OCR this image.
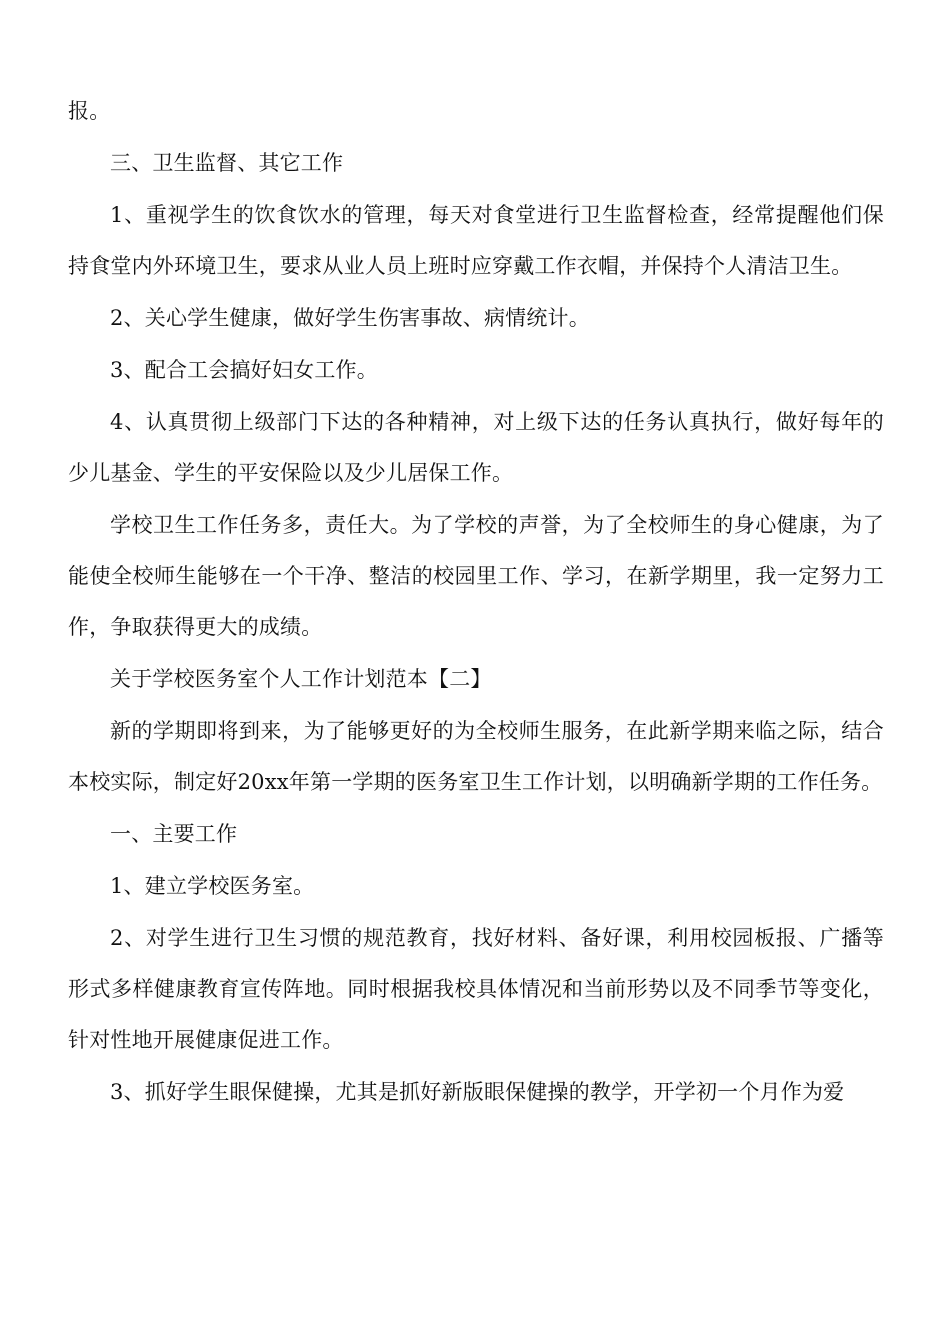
报。

三、卫生监督、其它工作

1、重视学生的饮食饮水的管理，每天对食堂进行卫生监督检查，经常提醒他们保持食堂内外环境卫生，要求从业人员上班时应穿戴工作衣帽，并保持个人清洁卫生。

2、关心学生健康，做好学生伤害事故、病情统计。

3、配合工会搞好妇女工作。

4、认真贯彻上级部门下达的各种精神，对上级下达的任务认真执行，做好每年的少儿基金、学生的平安保险以及少儿居保工作。

学校卫生工作任务多，责任大。为了学校的声誉，为了全校师生的身心健康，为了能使全校师生能够在一个干净、整洁的校园里工作、学习，在新学期里，我一定努力工作，争取获得更大的成绩。

关于学校医务室个人工作计划范本【二】

新的学期即将到来，为了能够更好的为全校师生服务，在此新学期来临之际，结合本校实际，制定好20xx年第一学期的医务室卫生工作计划，以明确新学期的工作任务。

一、主要工作

1、建立学校医务室。

2、对学生进行卫生习惯的规范教育，找好材料、备好课，利用校园板报、广播等形式多样健康教育宣传阵地。同时根据我校具体情况和当前形势以及不同季节等变化，针对性地开展健康促进工作。

3、抓好学生眼保健操，尤其是抓好新版眼保健操的教学，开学初一个月作为爱
